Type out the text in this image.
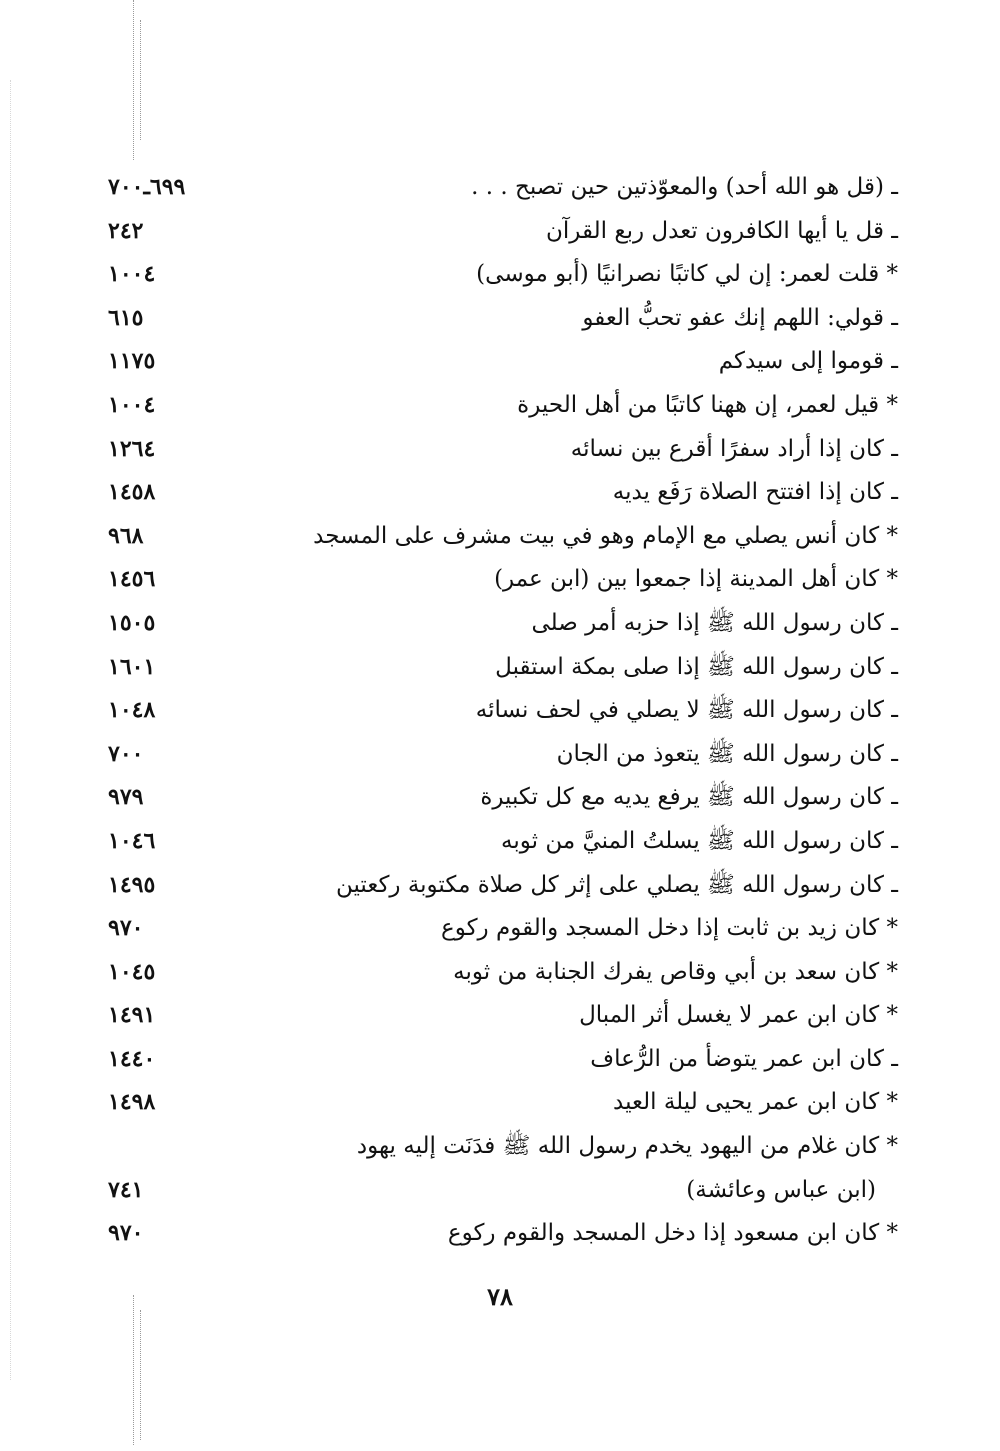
ـ (قل هو الله أحد) والمعوّذتين حين تصبح . . .
٦٩٩ـ٧٠٠
ـ قل يا أيها الكافرون تعدل ربع القرآن
٢٤٢
* قلت لعمر: إن لي كاتبًا نصرانيًا (أبو موسى)
١٠٠٤
ـ قولي: اللهم إنك عفو تحبُّ العفو
٦١٥
ـ قوموا إلى سيدكم
١١٧٥
* قيل لعمر، إن ههنا كاتبًا من أهل الحيرة
١٠٠٤
ـ كان إذا أراد سفرًا أقرع بين نسائه
١٢٦٤
ـ كان إذا افتتح الصلاة رَفَع يديه
١٤٥٨
* كان أنس يصلي مع الإمام وهو في بيت مشرف على المسجد
٩٦٨
* كان أهل المدينة إذا جمعوا بين (ابن عمر)
١٤٥٦
ـ كان رسول الله ﷺ إذا حزبه أمر صلى
١٥٠٥
ـ كان رسول الله ﷺ إذا صلى بمكة استقبل
١٦٠١
ـ كان رسول الله ﷺ لا يصلي في لحف نسائه
١٠٤٨
ـ كان رسول الله ﷺ يتعوذ من الجان
٧٠٠
ـ كان رسول الله ﷺ يرفع يديه مع كل تكبيرة
٩٧٩
ـ كان رسول الله ﷺ يسلتُ المنيَّ من ثوبه
١٠٤٦
ـ كان رسول الله ﷺ يصلي على إثر كل صلاة مكتوبة ركعتين
١٤٩٥
* كان زيد بن ثابت إذا دخل المسجد والقوم ركوع
٩٧٠
* كان سعد بن أبي وقاص يفرك الجنابة من ثوبه
١٠٤٥
* كان ابن عمر لا يغسل أثر المبال
١٤٩١
ـ كان ابن عمر يتوضأ من الرُّعاف
١٤٤٠
* كان ابن عمر يحيى ليلة العيد
١٤٩٨
* كان غلام من اليهود يخدم رسول الله ﷺ فدَنَت إليه يهود
(ابن عباس وعائشة)
٧٤١
* كان ابن مسعود إذا دخل المسجد والقوم ركوع
٩٧٠
٧٨
